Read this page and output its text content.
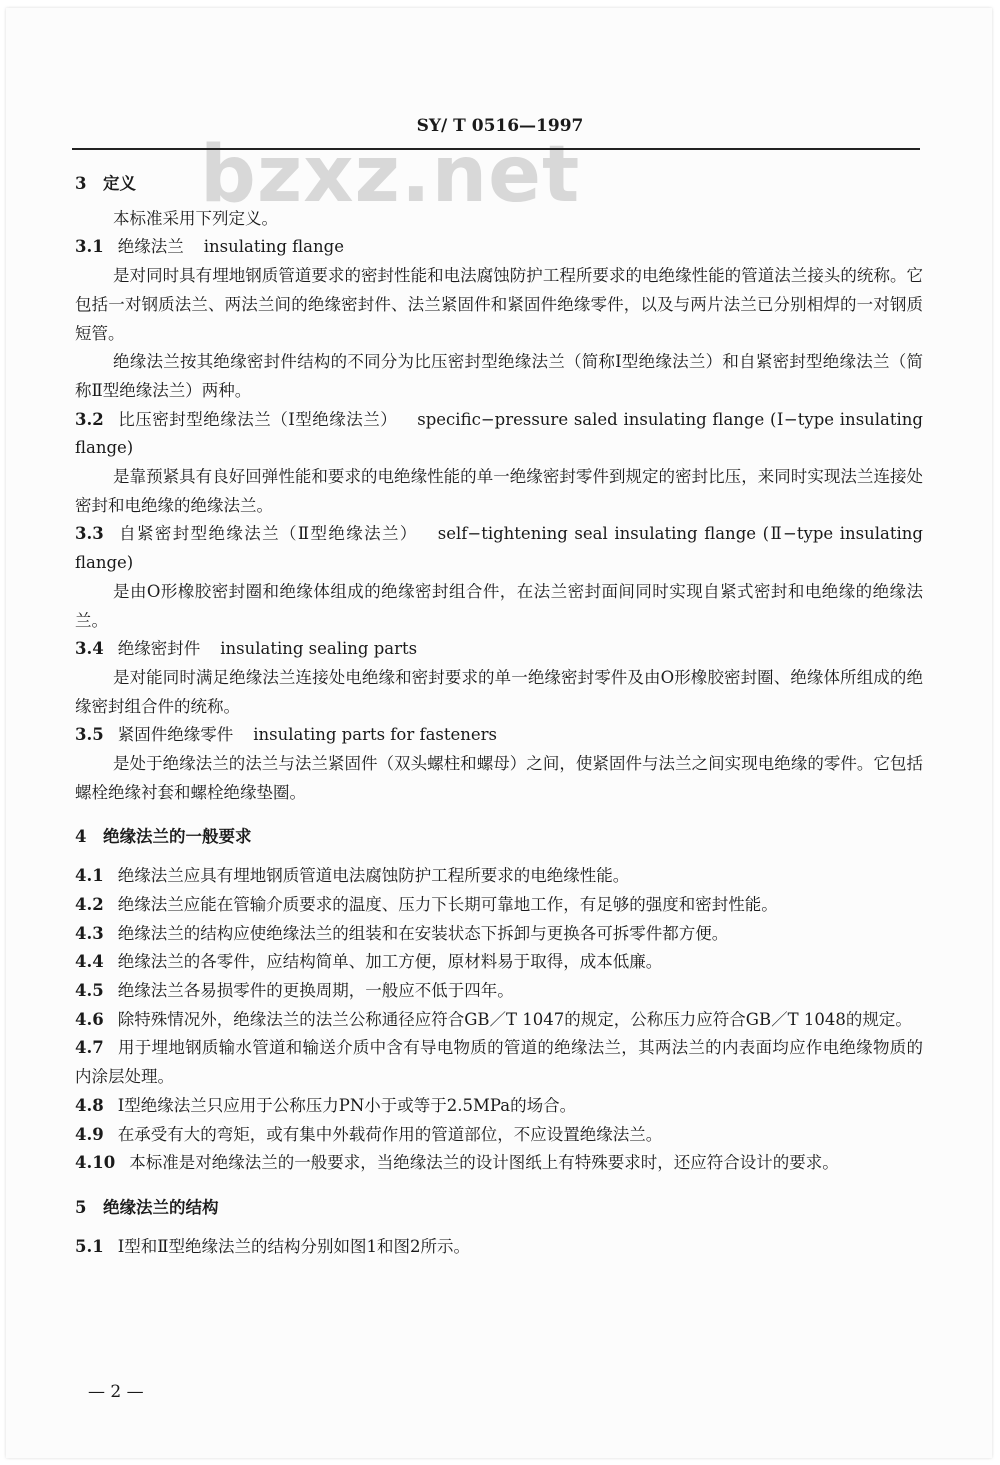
bzxz.net
SY/ T 0516—1997
3　定义
本标准采用下列定义。
3.1 绝缘法兰 insulating flange
是对同时具有埋地钢质管道要求的密封性能和电法腐蚀防护工程所要求的电绝缘性能的管道法兰接头的统称。它包括一对钢质法兰、两法兰间的绝缘密封件、法兰紧固件和紧固件绝缘零件，以及与两片法兰已分别相焊的一对钢质短管。
绝缘法兰按其绝缘密封件结构的不同分为比压密封型绝缘法兰（简称Ⅰ型绝缘法兰）和自紧密封型绝缘法兰（简称Ⅱ型绝缘法兰）两种。
3.2 比压密封型绝缘法兰（Ⅰ型绝缘法兰） specific−pressure saled insulating flange (Ⅰ−type insulating flange)
是靠预紧具有良好回弹性能和要求的电绝缘性能的单一绝缘密封零件到规定的密封比压，来同时实现法兰连接处密封和电绝缘的绝缘法兰。
3.3 自紧密封型绝缘法兰（Ⅱ型绝缘法兰） self−tightening seal insulating flange (Ⅱ−type insulating flange)
是由O形橡胶密封圈和绝缘体组成的绝缘密封组合件，在法兰密封面间同时实现自紧式密封和电绝缘的绝缘法兰。
3.4 绝缘密封件 insulating sealing parts
是对能同时满足绝缘法兰连接处电绝缘和密封要求的单一绝缘密封零件及由O形橡胶密封圈、绝缘体所组成的绝缘密封组合件的统称。
3.5 紧固件绝缘零件 insulating parts for fasteners
是处于绝缘法兰的法兰与法兰紧固件（双头螺柱和螺母）之间，使紧固件与法兰之间实现电绝缘的零件。它包括螺栓绝缘衬套和螺栓绝缘垫圈。
4　绝缘法兰的一般要求
4.1 绝缘法兰应具有埋地钢质管道电法腐蚀防护工程所要求的电绝缘性能。
4.2 绝缘法兰应能在管输介质要求的温度、压力下长期可靠地工作，有足够的强度和密封性能。
4.3 绝缘法兰的结构应使绝缘法兰的组装和在安装状态下拆卸与更换各可拆零件都方便。
4.4 绝缘法兰的各零件，应结构简单、加工方便，原材料易于取得，成本低廉。
4.5 绝缘法兰各易损零件的更换周期，一般应不低于四年。
4.6 除特殊情况外，绝缘法兰的法兰公称通径应符合GB／T 1047的规定，公称压力应符合GB／T 1048的规定。
4.7 用于埋地钢质输水管道和输送介质中含有导电物质的管道的绝缘法兰，其两法兰的内表面均应作电绝缘物质的内涂层处理。
4.8 Ⅰ型绝缘法兰只应用于公称压力PN小于或等于2.5MPa的场合。
4.9 在承受有大的弯矩，或有集中外载荷作用的管道部位，不应设置绝缘法兰。
4.10 本标准是对绝缘法兰的一般要求，当绝缘法兰的设计图纸上有特殊要求时，还应符合设计的要求。
5　绝缘法兰的结构
5.1 Ⅰ型和Ⅱ型绝缘法兰的结构分别如图1和图2所示。
— 2 —
